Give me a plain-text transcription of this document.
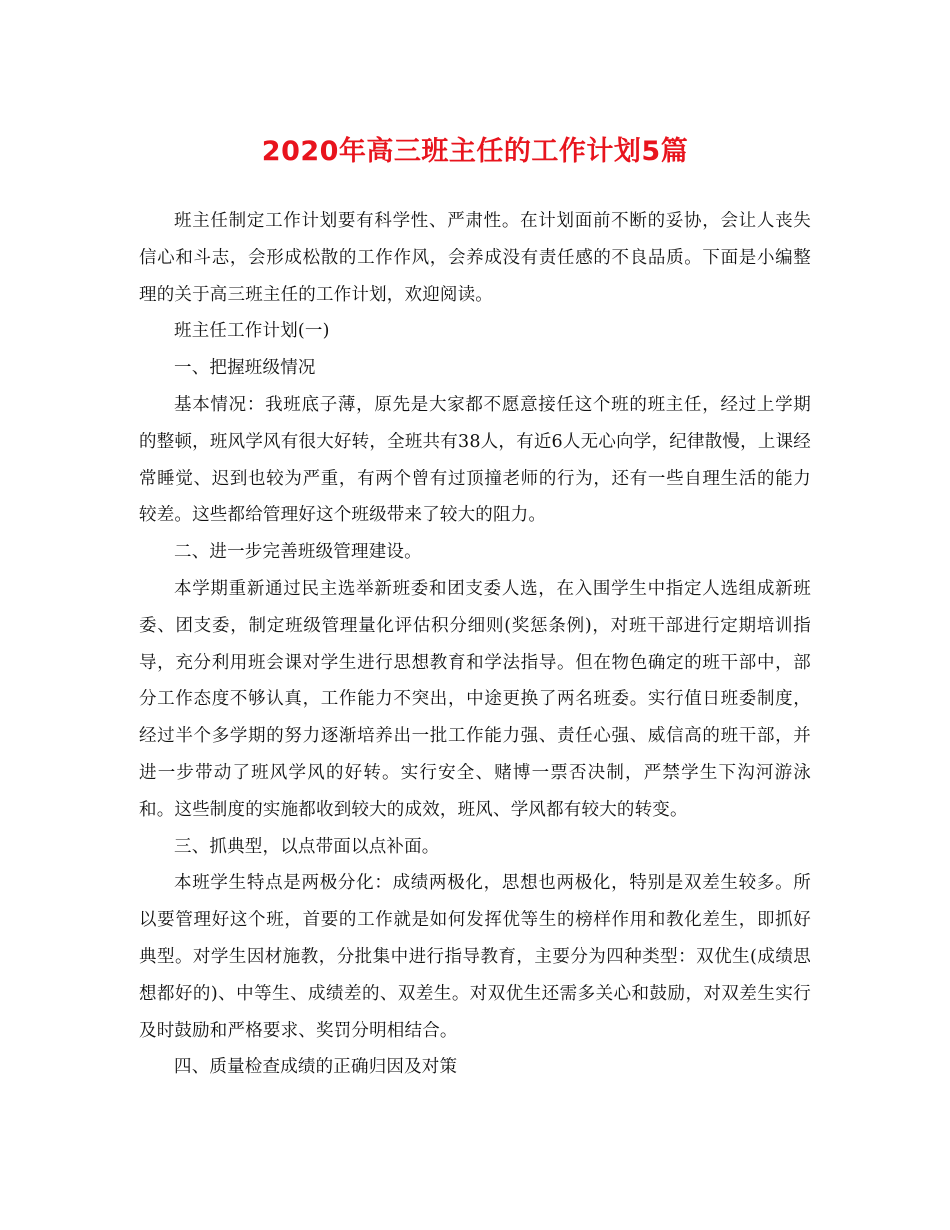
2020年高三班主任的工作计划5篇

班主任制定工作计划要有科学性、严肃性。在计划面前不断的妥协，会让人丧失信心和斗志，会形成松散的工作作风，会养成没有责任感的不良品质。下面是小编整理的关于高三班主任的工作计划，欢迎阅读。

班主任工作计划(一)

一、把握班级情况

基本情况：我班底子薄，原先是大家都不愿意接任这个班的班主任，经过上学期的整顿，班风学风有很大好转，全班共有38人，有近6人无心向学，纪律散慢，上课经常睡觉、迟到也较为严重，有两个曾有过顶撞老师的行为，还有一些自理生活的能力较差。这些都给管理好这个班级带来了较大的阻力。

二、进一步完善班级管理建设。

本学期重新通过民主选举新班委和团支委人选，在入围学生中指定人选组成新班委、团支委，制定班级管理量化评估积分细则(奖惩条例)，对班干部进行定期培训指导，充分利用班会课对学生进行思想教育和学法指导。但在物色确定的班干部中，部分工作态度不够认真，工作能力不突出，中途更换了两名班委。实行值日班委制度，经过半个多学期的努力逐渐培养出一批工作能力强、责任心强、威信高的班干部，并进一步带动了班风学风的好转。实行安全、赌博一票否决制，严禁学生下沟河游泳和。这些制度的实施都收到较大的成效，班风、学风都有较大的转变。

三、抓典型，以点带面以点补面。

本班学生特点是两极分化：成绩两极化，思想也两极化，特别是双差生较多。所以要管理好这个班，首要的工作就是如何发挥优等生的榜样作用和教化差生，即抓好典型。对学生因材施教，分批集中进行指导教育，主要分为四种类型：双优生(成绩思想都好的)、中等生、成绩差的、双差生。对双优生还需多关心和鼓励，对双差生实行及时鼓励和严格要求、奖罚分明相结合。

四、质量检查成绩的正确归因及对策
